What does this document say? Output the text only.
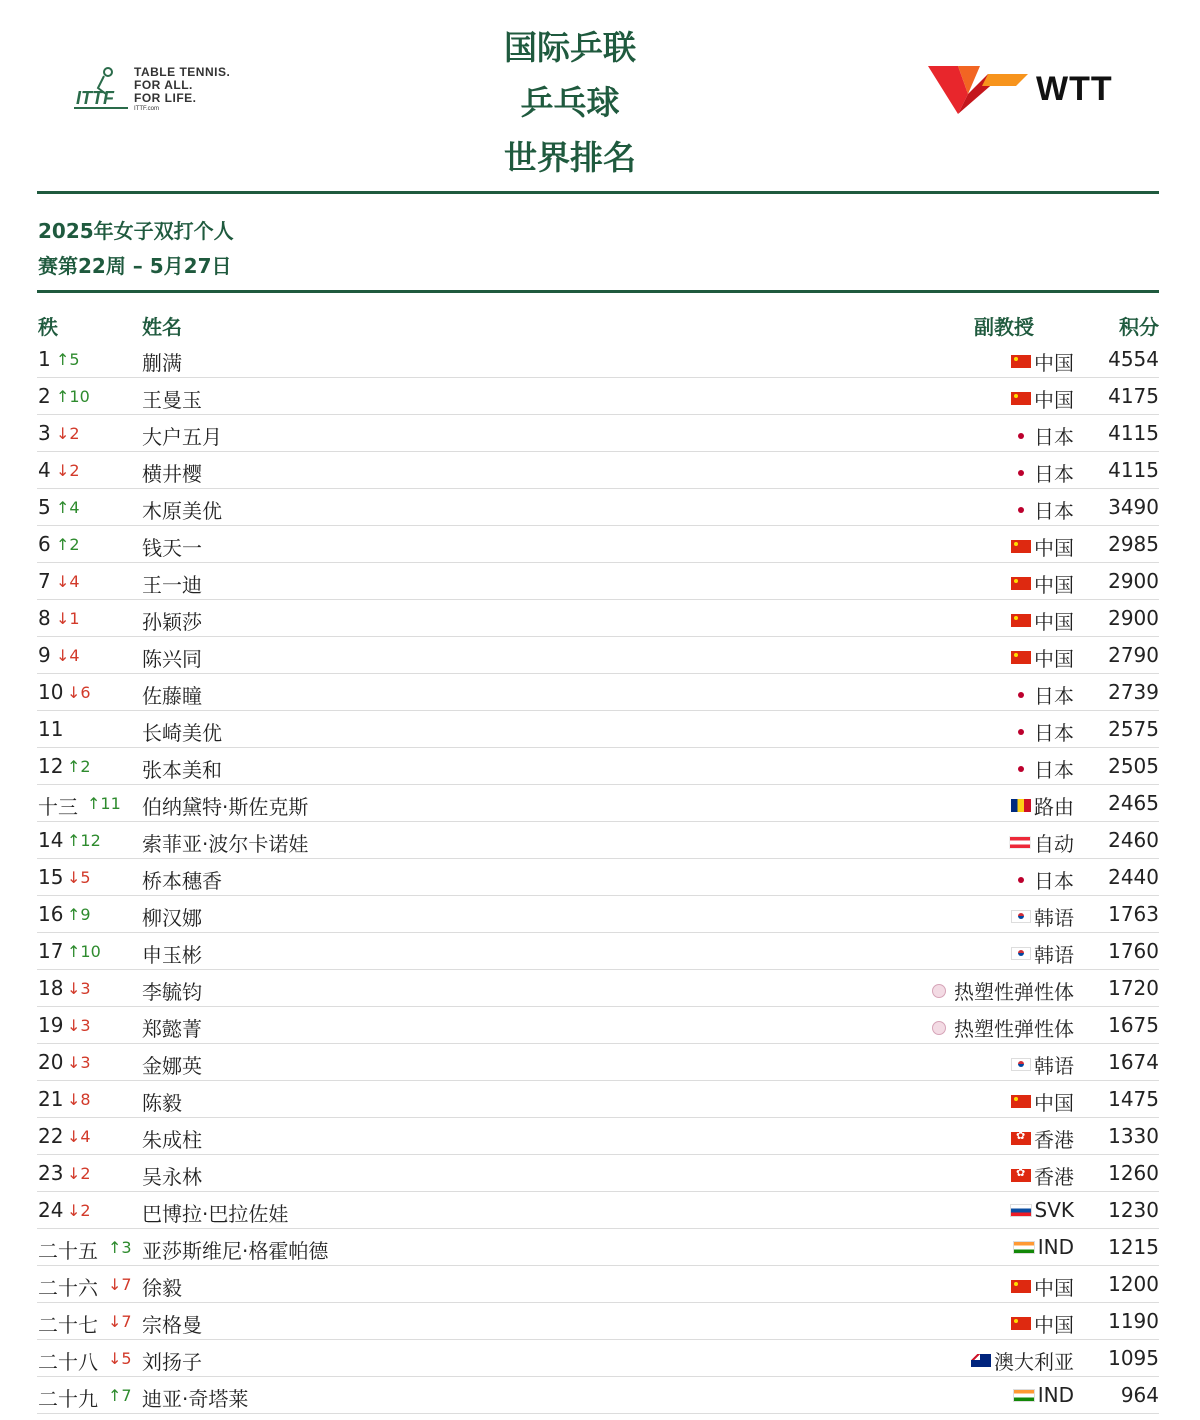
ITTF
TABLE TENNIS.
FOR ALL.
FOR LIFE.
ITTF.com
国际乒联
乒乓球
世界排名
WTT
2025年女子双打个人
赛第22周 – 5月27日
秩	姓名	副教授	积分
1 ↑5	蒯满	中国 4554
2 ↑10	王曼玉	中国 4175
3 ↓2	大户五月	日本 4115
4 ↓2	横井樱	日本 4115
5 ↑4	木原美优	日本 3490
6 ↑2	钱天一	中国 2985
7 ↓4	王一迪	中国 2900
8 ↓1	孙颖莎	中国 2900
9 ↓4	陈兴同	中国 2790
10 ↓6	佐藤瞳	日本 2739
11	长崎美优	日本 2575
12 ↑2	张本美和	日本 2505
十三 ↑11 伯纳黛特·斯佐克斯	路由 2465
14 ↑12 索菲亚·波尔卡诺娃	自动 2460
15 ↓5	桥本穗香	日本 2440
16 ↑9	柳汉娜	韩语 1763
17 ↑10 申玉彬	韩语 1760
18 ↓3	李毓钧	热塑性弹性体 1720
19 ↓3	郑懿菁	热塑性弹性体 1675
20 ↓3	金娜英	韩语 1674
21 ↓8	陈毅	中国 1475
22 ↓4	朱成柱 ✿	香港 1330
23 ↓2	吴永林 ✿	香港 1260
24 ↓2	巴博拉·巴拉佐娃	SVK 1230
二十五 ↑3 亚莎斯维尼·格霍帕德	IND 1215
二十六 ↓7 徐毅	中国 1200
二十七 ↓7 宗格曼	中国 1190
二十八 ↓5 刘扬子	澳大利亚 1095
二十九 ↑7 迪亚·奇塔莱	IND 964
